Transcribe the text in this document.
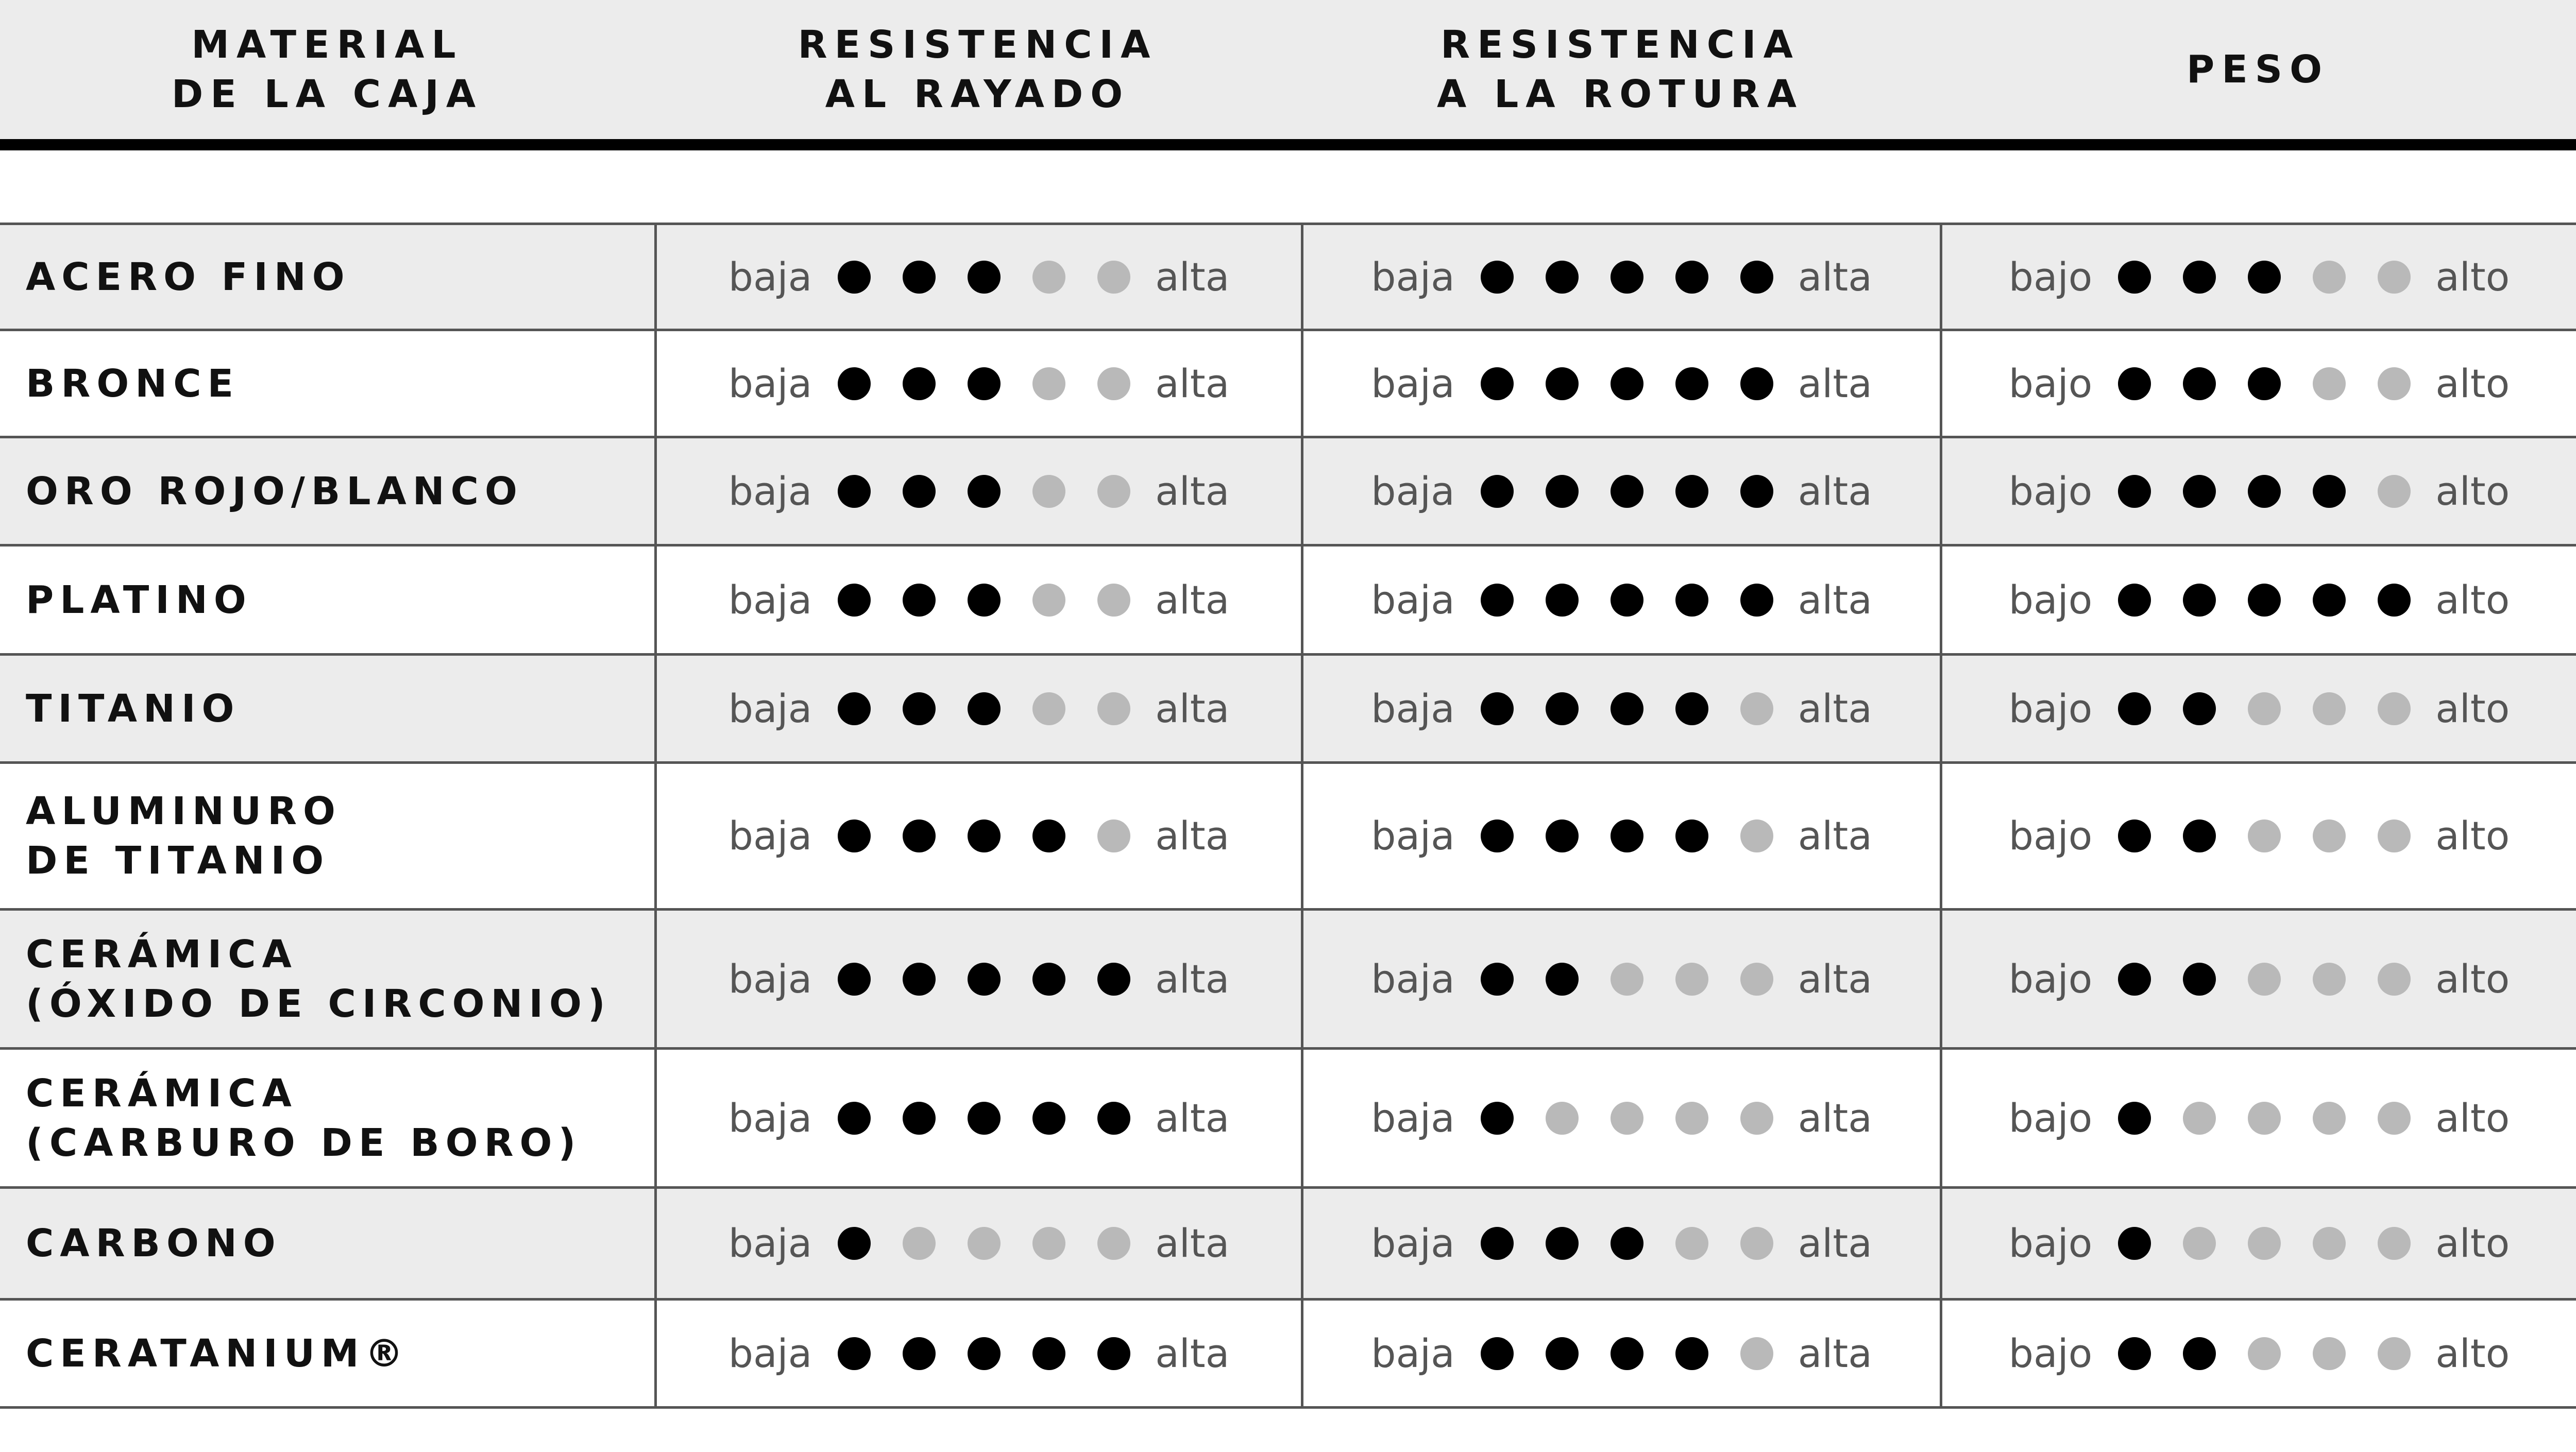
MATERIAL
DE LA CAJA
RESISTENCIA
AL RAYADO
RESISTENCIA
A LA ROTURA
PESO
ACERO FINO	baja	alta	baja	alta	bajo	alto
BRONCE	baja	alta	baja	alta	bajo	alto
ORO ROJO/BLANCO	baja	alta	baja	alta	bajo	alto
PLATINO	baja	alta	baja	alta	bajo	alto
TITANIO	baja	alta	baja	alta	bajo	alto
ALUMINURO
DE TITANIO
baja	alta	baja	alta	bajo	alto
CERÁMICA
(ÓXIDO DE CIRCONIO)
baja	alta	baja	alta	bajo	alto
CERÁMICA
(CARBURO DE BORO)
baja	alta	baja	alta	bajo	alto
CARBONO	baja	alta	baja	alta	bajo	alto
CERATANIUM®	baja	alta	baja	alta	bajo	alto
